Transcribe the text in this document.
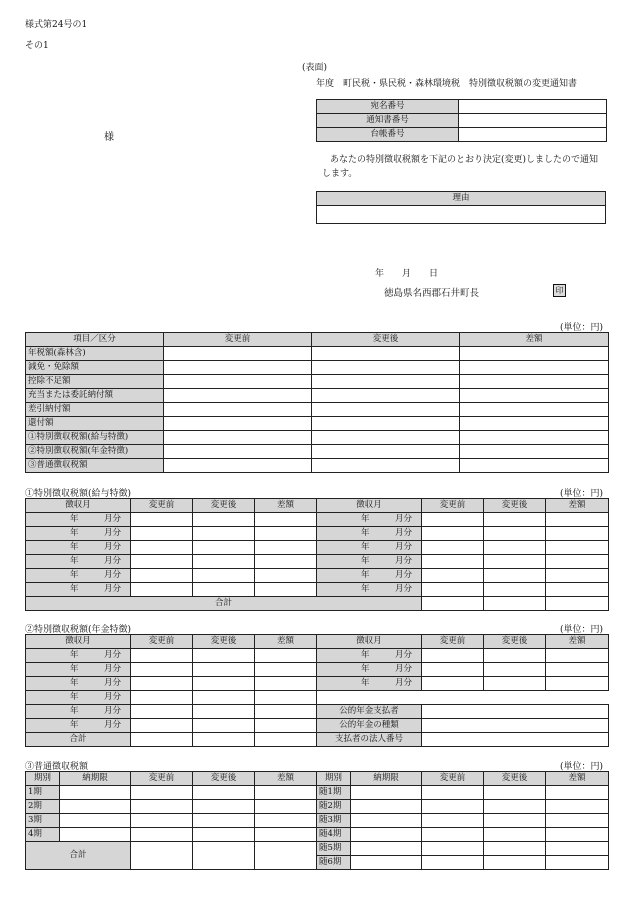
様式第24号の1
その1
(表面)
年度　町民税・県民税・森林環境税　特別徴収税額の変更通知書
様
宛名番号	
通知書番号	
台帳番号	
あなたの特別徴収税額を下記のとおり決定(変更)しましたので通知します。
理由

年　　月　　日
徳島県名西郡石井町長	印
(単位：円)
項目／区分	変更前	変更後	差額
年税額(森林含)			
減免・免除額			
控除不足額			
充当または委託納付額			
差引納付額			
還付額			
①特別徴収税額(給与特徴)			
②特別徴収税額(年金特徴)			
③普通徴収税額			
①特別徴収税額(給与特徴)	(単位：円)
徴収月	変更前	変更後	差額	徴収月	変更前	変更後	差額
年　　　月分				年　　　月分			
年　　　月分				年　　　月分			
年　　　月分				年　　　月分			
年　　　月分				年　　　月分			
年　　　月分				年　　　月分			
年　　　月分				年　　　月分			
合計							
②特別徴収税額(年金特徴)	(単位：円)
徴収月	変更前	変更後	差額	徴収月	変更前	変更後	差額
年　　　月分				年　　　月分			
年　　　月分				年　　　月分			
年　　　月分				年　　　月分			
年　　　月分							
年　　　月分				公的年金支払者			
年　　　月分				公的年金の種類			
合計				支払者の法人番号			
③普通徴収税額	(単位：円)
期別	納期限	変更前	変更後	差額	期別	納期限	変更前	変更後	差額
1期					随1期				
2期					随2期				
3期					随3期				
4期					随4期				
合計					随5期				
					随6期				
